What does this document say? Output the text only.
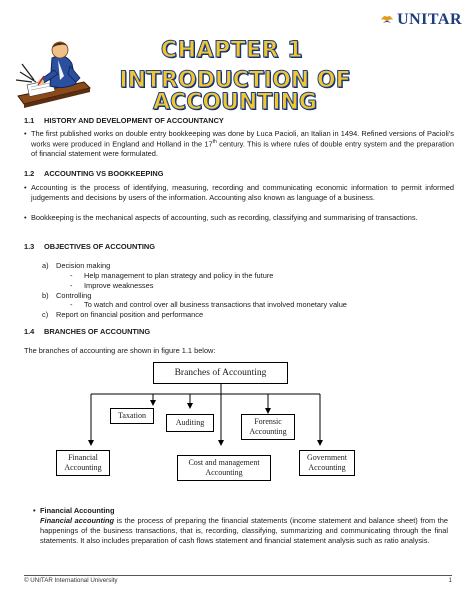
UNITAR
CHAPTER 1
INTRODUCTION OF ACCOUNTING
1.1 HISTORY AND DEVELOPMENT OF ACCOUNTANCY
• The first published works on double entry bookkeeping was done by Luca Pacioli, an Italian in 1494. Refined versions of Pacioli’s works were produced in England and Holland in the 17th century. This is where rules of double entry system and the preparation of financial statement were formulated.
1.2 ACCOUNTING VS BOOKKEEPING
• Accounting is the process of identifying, measuring, recording and communicating economic information to permit informed judgements and decisions by users of the information. Accounting also known as language of a business.
• Bookkeeping is the mechanical aspects of accounting, such as recording, classifying and summarising of transactions.
1.3 OBJECTIVES OF ACCOUNTING
a) Decision making
- Help management to plan strategy and policy in the future
- Improve weaknesses
b) Controlling
- To watch and control over all business transactions that involved monetary value
c) Report on financial position and performance
1.4 BRANCHES OF ACCOUNTING
The branches of accounting are shown in figure 1.1 below:
Branches of Accounting
Taxation
Auditing	Forensic Accounting
Financial Accounting
Cost and management Accounting
Government Accounting
• Financial Accounting
Financial accounting is the process of preparing the financial statements (income statement and balance sheet) from the happenings of the business transactions, that is, recording, classifying, summarizing and communicating through the final statements. It also includes preparation of cash flows statement and financial statement analysis such as ratio analysis.
© UNITAR International University	1
